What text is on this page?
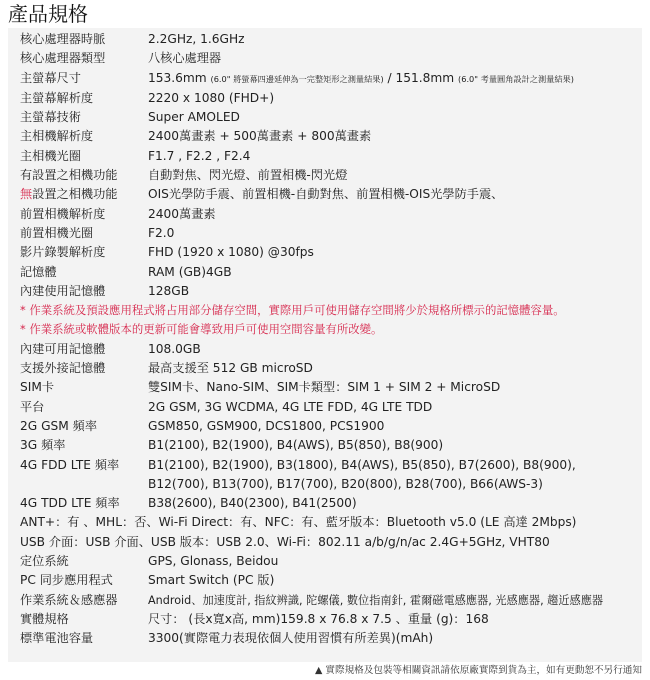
產品規格
核心處理器時脈	2.2GHz, 1.6GHz
核心處理器類型	八核心處理器
主螢幕尺寸	153.6mm (6.0" 將螢幕四邊延伸為一完整矩形之測量結果) / 151.8mm (6.0" 考量圓角設計之測量結果)
主螢幕解析度	2220 x 1080 (FHD+)
主螢幕技術	Super AMOLED
主相機解析度	2400萬畫素 + 500萬畫素 + 800萬畫素
主相機光圈	F1.7 , F2.2 , F2.4
有設置之相機功能	自動對焦、閃光燈、前置相機-閃光燈
無設置之相機功能	OIS光學防手震、前置相機-自動對焦、前置相機-OIS光學防手震、
前置相機解析度	2400萬畫素
前置相機光圈	F2.0
影片錄製解析度	FHD (1920 x 1080) @30fps
記憶體	RAM (GB)4GB
內建使用記憶體	128GB
* 作業系統及預設應用程式將占用部分儲存空間，實際用戶可使用儲存空間將少於規格所標示的記憶體容量。
* 作業系統或軟體版本的更新可能會導致用戶可使用空間容量有所改變。
內建可用記憶體	108.0GB
支援外接記憶體	最高支援至 512 GB microSD
SIM卡	雙SIM卡、Nano-SIM、SIM卡類型：SIM 1 + SIM 2 + MicroSD
平台	2G GSM, 3G WCDMA, 4G LTE FDD, 4G LTE TDD
2G GSM 頻率	GSM850, GSM900, DCS1800, PCS1900
3G 頻率	B1(2100), B2(1900), B4(AWS), B5(850), B8(900)
4G FDD LTE 頻率	B1(2100), B2(1900), B3(1800), B4(AWS), B5(850), B7(2600), B8(900),
B12(700), B13(700), B17(700), B20(800), B28(700), B66(AWS-3)
4G TDD LTE 頻率	B38(2600), B40(2300), B41(2500)
ANT+：有 、MHL：否、Wi-Fi Direct：有、NFC：有、藍牙版本：Bluetooth v5.0 (LE 高達 2Mbps)
USB 介面：USB 介面、USB 版本：USB 2.0、Wi-Fi：802.11 a/b/g/n/ac 2.4G+5GHz, VHT80
定位系統	GPS, Glonass, Beidou
PC 同步應用程式	Smart Switch (PC 版)
作業系統＆感應器	Android、加速度計, 指紋辨識, 陀螺儀, 數位指南針, 霍爾磁電感應器, 光感應器, 趨近感應器
實體規格	尺寸： (長x寬x高, mm)159.8 x 76.8 x 7.5 、重量 (g)：168
標準電池容量	3300(實際電力表現依個人使用習慣有所差異)(mAh)
▲ 實際規格及包裝等相關資訊請依原廠實際到貨為主，如有更動恕不另行通知
